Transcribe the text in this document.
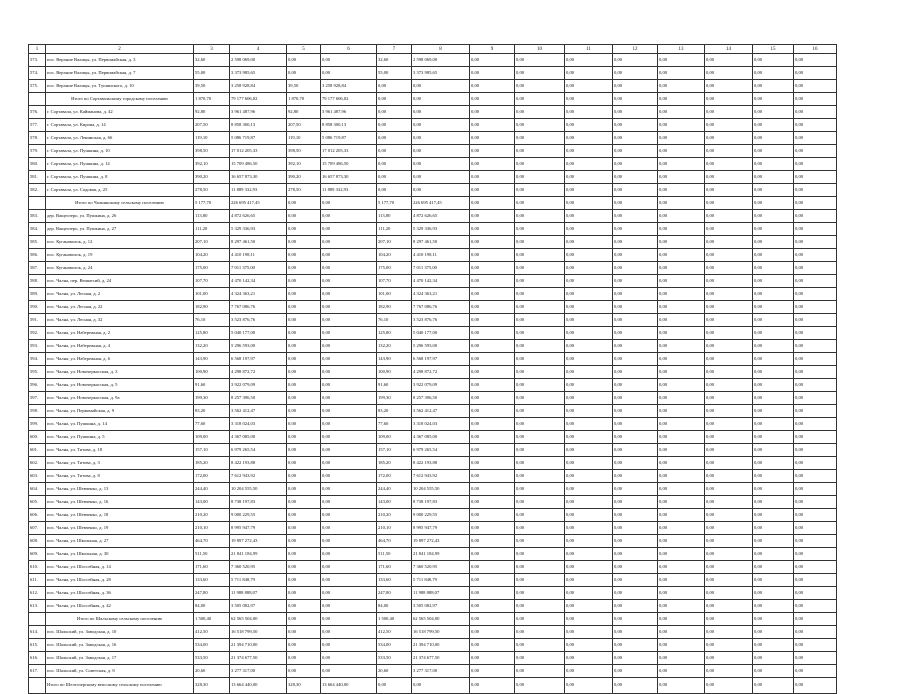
1	2	3	4	5	6	7	8	9	10	11	12	13	14	15	16
573.	пос. Верхние Валицы, ул. Первомайская, д. 3	32,60	2 598 069,00	0,00	0,00	32,60	2 598 069,00	0,00	0,00	0,00	0,00	0,00	0,00	0,00	0,00
574.	пос. Верхние Валицы, ул. Первомайская, д. 7	55,00	3 373 985,65	0,00	0,00	55,00	3 373 985,65	0,00	0,00	0,00	0,00	0,00	0,00	0,00	0,00
575.	пос. Верхние Валицы, ул. Тушинского, д. 10	39,50	3 258 928,84	39,50	3 258 928,84	0,00	0,00	0,00	0,00	0,00	0,00	0,00	0,00	0,00	0,00
	Итого по Сортавальскому городскому поселению	1 870,70	79 177 606,02	1 870,70	79 177 606,02	0,00	0,00	0,00	0,00	0,00	0,00	0,00	0,00	0,00	0,00
576.	г. Сортавала, ул. Кайманова, д. 42	92,80	3 961 487,96	92,80	3 961 487,96	0,00	0,00	0,00	0,00	0,00	0,00	0,00	0,00	0,00	0,00
577.	г. Сортавала, ул. Кирова, д. 14	207,50	8 858 300,13	207,50	8 858 300,13	0,00	0,00	0,00	0,00	0,00	0,00	0,00	0,00	0,00	0,00
578.	г. Сортавала, ул. Ленинская, д. 66	119,10	5 086 719,87	119,10	5 086 719,87	0,00	0,00	0,00	0,00	0,00	0,00	0,00	0,00	0,00	0,00
579.	г. Сортавала, ул. Пушкина, д. 10	398,50	17 012 205,33	398,50	17 012 205,33	0,00	0,00	0,00	0,00	0,00	0,00	0,00	0,00	0,00	0,00
580.	г. Сортавала, ул. Пушкина, д. 14	392,10	15 709 486,50	392,10	15 709 486,50	0,00	0,00	0,00	0,00	0,00	0,00	0,00	0,00	0,00	0,00
581.	г. Сортавала, ул. Пушкина, д. 8	390,20	16 657 873,30	390,20	16 657 873,30	0,00	0,00	0,00	0,00	0,00	0,00	0,00	0,00	0,00	0,00
582.	г. Сортавала, ул. Садовая, д. 25	278,50	11 889 332,93	278,50	11 889 332,93	0,00	0,00	0,00	0,00	0,00	0,00	0,00	0,00	0,00	0,00
	Итого по Чалнинскому сельскому поселению	5 177,70	226 695 417,45	0,00	0,00	5 177,70	226 695 417,45	0,00	0,00	0,00	0,00	0,00	0,00	0,00	0,00
583.	дер. Ващеозеро, ул. Пушкина, д. 26	113,80	4 872 626,65	0,00	0,00	113,80	4 872 626,65	0,00	0,00	0,00	0,00	0,00	0,00	0,00	0,00
584.	дер. Ващеозеро, ул. Пушкина, д. 27	111,20	5 329 336,93	0,00	0,00	111,20	5 329 336,93	0,00	0,00	0,00	0,00	0,00	0,00	0,00	0,00
585.	пос. Куганаволок, д. 12	207,10	8 297 461,50	0,00	0,00	207,10	8 297 461,50	0,00	0,00	0,00	0,00	0,00	0,00	0,00	0,00
586.	пос. Куганаволок, д. 19	104,20	4 410 198,11	0,00	0,00	104,20	4 410 198,11	0,00	0,00	0,00	0,00	0,00	0,00	0,00	0,00
587.	пос. Куганаволок, д. 24	175,00	7 011 375,00	0,00	0,00	175,00	7 011 375,00	0,00	0,00	0,00	0,00	0,00	0,00	0,00	0,00
588.	пос. Чална, пер. Вешнесий, д. 24	107,70	4 470 142,34	0,00	0,00	107,70	4 470 142,34	0,00	0,00	0,00	0,00	0,00	0,00	0,00	0,00
589.	пос. Чална, ул. Лесная, д. 2	101,00	4 324 363,21	0,00	0,00	101,00	4 324 363,21	0,00	0,00	0,00	0,00	0,00	0,00	0,00	0,00
590.	пос. Чална, ул. Лесная, д. 22	182,90	7 767 086,76	0,00	0,00	182,90	7 767 086,76	0,00	0,00	0,00	0,00	0,00	0,00	0,00	0,00
591.	пос. Чална, ул. Лесная, д. 32	76,10	3 523 876,76	0,00	0,00	76,10	3 523 876,76	0,00	0,00	0,00	0,00	0,00	0,00	0,00	0,00
592.	пос. Чална, ул. Набережная, д. 2	125,80	5 040 177,00	0,00	0,00	125,80	5 040 177,00	0,00	0,00	0,00	0,00	0,00	0,00	0,00	0,00
593.	пос. Чална, ул. Набережная, д. 4	132,20	5 296 593,00	0,00	0,00	132,20	5 296 593,00	0,00	0,00	0,00	0,00	0,00	0,00	0,00	0,00
594.	пос. Чална, ул. Набережная, д. 6	143,90	6 568 197,97	0,00	0,00	143,90	6 568 197,97	0,00	0,00	0,00	0,00	0,00	0,00	0,00	0,00
595.	пос. Чална, ул. Новочеркасская, д. 3	100,90	4 298 872,72	0,00	0,00	100,90	4 298 872,72	0,00	0,00	0,00	0,00	0,00	0,00	0,00	0,00
596.	пос. Чална, ул. Новочеркасская, д. 5	91,60	3 922 079,09	0,00	0,00	91,60	3 922 079,09	0,00	0,00	0,00	0,00	0,00	0,00	0,00	0,00
597.	пос. Чална, ул. Новочеркасская, д. 9а	199,30	8 257 396,50	0,00	0,00	199,30	8 257 396,50	0,00	0,00	0,00	0,00	0,00	0,00	0,00	0,00
598.	пос. Чална, ул. Первомайская, д. 9	83,20	3 562 412,47	0,00	0,00	83,20	3 562 412,47	0,00	0,00	0,00	0,00	0,00	0,00	0,00	0,00
599.	пос. Чална, ул. Пушкина, д. 14	77,60	3 318 024,03	0,00	0,00	77,60	3 318 024,03	0,00	0,00	0,00	0,00	0,00	0,00	0,00	0,00
600.	пос. Чална, ул. Пушкина, д. 5	109,00	4 367 085,00	0,00	0,00	109,00	4 367 085,00	0,00	0,00	0,00	0,00	0,00	0,00	0,00	0,00
601.	пос. Чална, ул. Титова, д. 18	157,10	6 979 265,54	0,00	0,00	157,10	6 979 265,54	0,00	0,00	0,00	0,00	0,00	0,00	0,00	0,00
602.	пос. Чална, ул. Титова, д. 3	185,20	8 422 193,88	0,00	0,00	185,20	8 422 193,88	0,00	0,00	0,00	0,00	0,00	0,00	0,00	0,00
603.	пос. Чална, ул. Титова, д. 8	172,00	7 612 943,92	0,00	0,00	172,00	7 612 943,92	0,00	0,00	0,00	0,00	0,00	0,00	0,00	0,00
604.	пос. Чална, ул. Шевченко, д. 13	244,40	10 204 555,50	0,00	0,00	244,40	10 204 555,50	0,00	0,00	0,00	0,00	0,00	0,00	0,00	0,00
605.	пос. Чална, ул. Шевченко, д. 16	143,00	8 738 197,83	0,00	0,00	143,00	8 738 197,83	0,00	0,00	0,00	0,00	0,00	0,00	0,00	0,00
606.	пос. Чална, ул. Шевченко, д. 18	210,20	9 000 229,55	0,00	0,00	210,20	9 000 229,55	0,00	0,00	0,00	0,00	0,00	0,00	0,00	0,00
607.	пос. Чална, ул. Шевченко, д. 19	210,10	8 995 947,79	0,00	0,00	210,10	8 995 947,79	0,00	0,00	0,00	0,00	0,00	0,00	0,00	0,00
608.	пос. Чална, ул. Школьная, д. 27	464,70	19 897 272,43	0,00	0,00	464,70	19 897 272,43	0,00	0,00	0,00	0,00	0,00	0,00	0,00	0,00
609.	пос. Чална, ул. Школьная, д. 30	511,50	21 841 184,99	0,00	0,00	511,50	21 841 184,99	0,00	0,00	0,00	0,00	0,00	0,00	0,00	0,00
610.	пос. Чална, ул. Шоссейная, д. 14	171,60	7 360 520,95	0,00	0,00	171,60	7 360 520,95	0,00	0,00	0,00	0,00	0,00	0,00	0,00	0,00
611.	пос. Чална, ул. Шоссейная, д. 28	133,60	5 711 848,79	0,00	0,00	133,60	5 711 848,79	0,00	0,00	0,00	0,00	0,00	0,00	0,00	0,00
612.	пос. Чална, ул. Шоссейная, д. 36	247,80	11 988 888,07	0,00	0,00	247,80	11 988 888,07	0,00	0,00	0,00	0,00	0,00	0,00	0,00	0,00
613.	пос. Чална, ул. Шоссейная, д. 42	84,00	3 505 082,97	0,00	0,00	84,00	3 505 082,97	0,00	0,00	0,00	0,00	0,00	0,00	0,00	0,00
	Итого по Шальскому сельскому поселению	1 500,40	62 565 504,00	0,00	0,00	1 500,40	62 565 504,00	0,00	0,00	0,00	0,00	0,00	0,00	0,00	0,00
614.	пос. Шальский, ул. Заводская, д. 10	412,50	16 518 799,50	0,00	0,00	412,50	16 518 799,50	0,00	0,00	0,00	0,00	0,00	0,00	0,00	0,00
615.	пос. Шальский, ул. Заводская, д. 16	534,00	21 394 710,00	0,00	0,00	534,00	21 394 710,00	0,00	0,00	0,00	0,00	0,00	0,00	0,00	0,00
616.	пос. Шальский, ул. Заводская, д. 17	533,50	21 374 677,50	0,00	0,00	533,50	21 374 677,50	0,00	0,00	0,00	0,00	0,00	0,00	0,00	0,00
617.	пос. Шальский, ул. Советская, д. 8	20,60	3 277 317,00	0,00	0,00	20,60	3 277 317,00	0,00	0,00	0,00	0,00	0,00	0,00	0,00	0,00
	Итого по Шелтозерскому вепсскому сельскому поселению	328,30	13 664 440,00	328,30	13 664 440,00	0,00	0,00	0,00	0,00	0,00	0,00	0,00	0,00	0,00	0,00
